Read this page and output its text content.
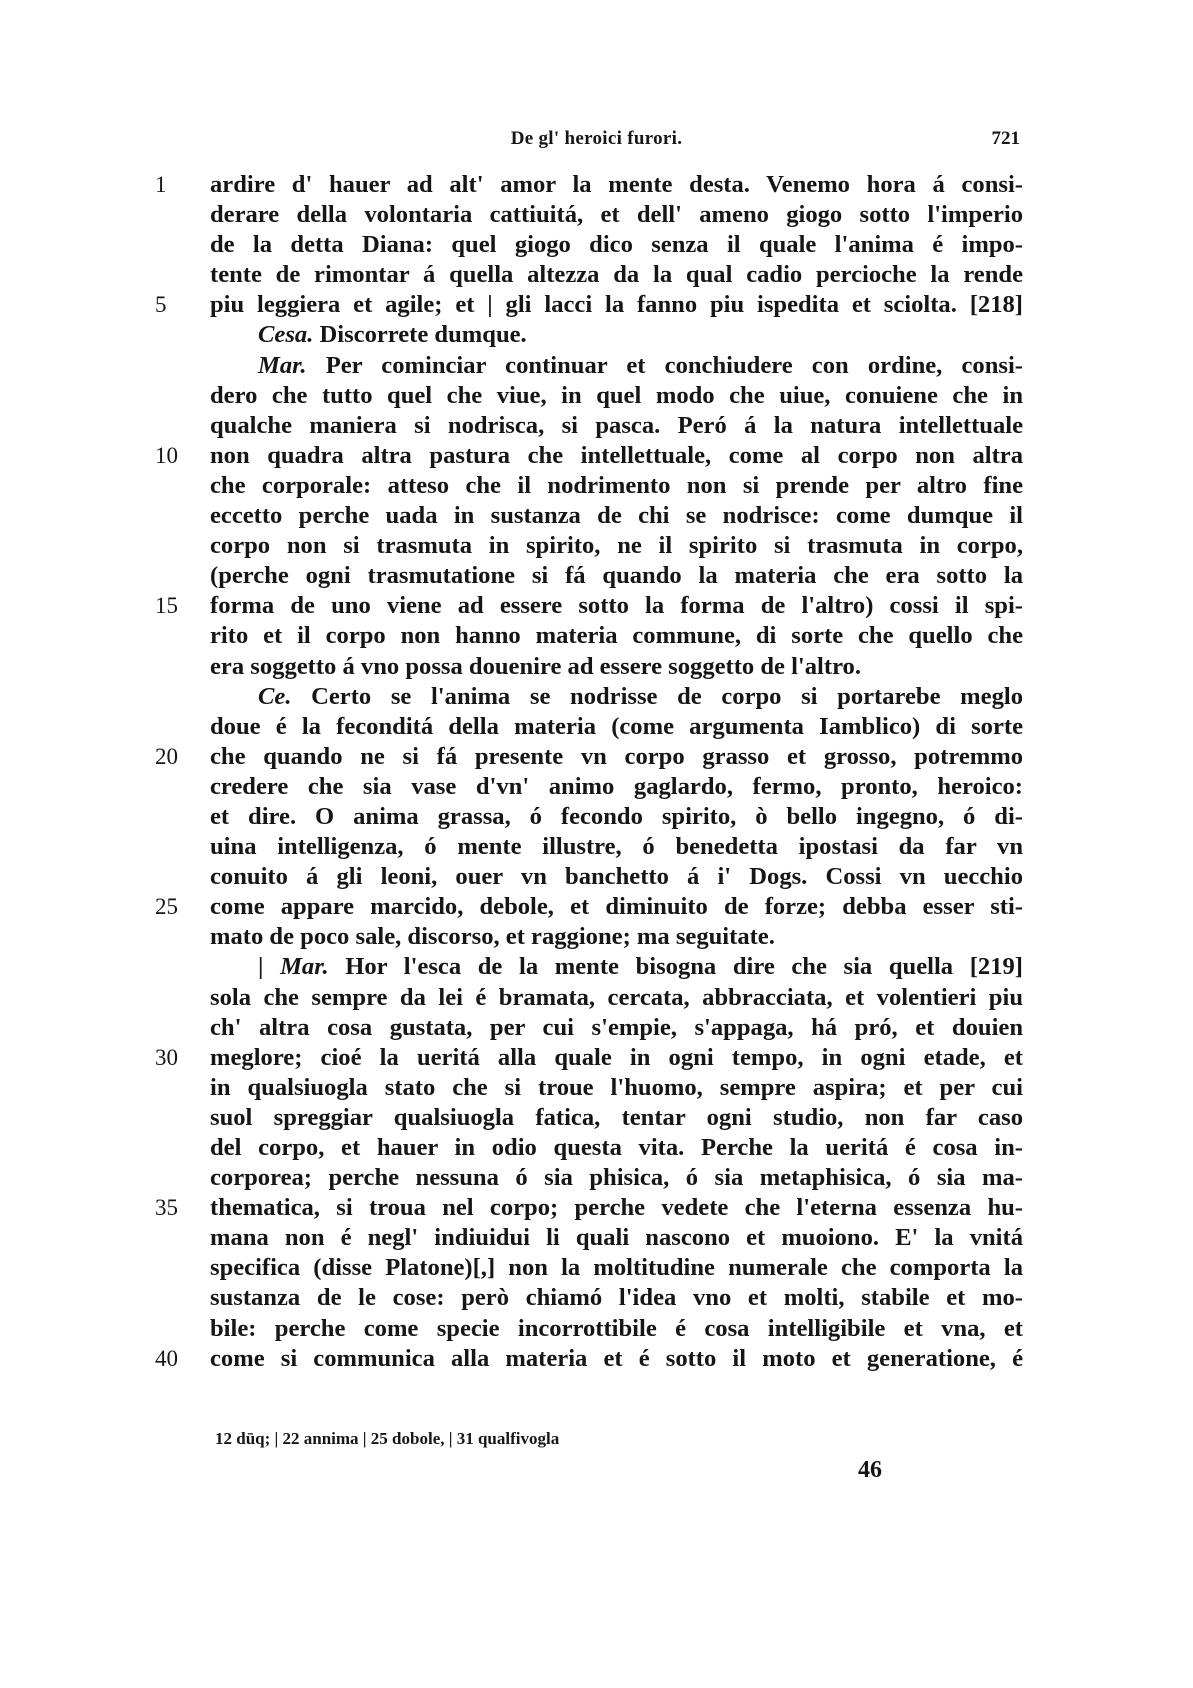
De gl' heroici furori.	721
1	ardire d' hauer ad alt' amor la mente desta. Venemo hora á consi-
derare della volontaria cattiuitá, et dell' ameno giogo sotto l'imperio
de la detta Diana: quel giogo dico senza il quale l'anima é impo-
tente de rimontar á quella altezza da la qual cadio percioche la rende
5	piu leggiera et agile; et | gli lacci la fanno piu ispedita et sciolta. [218]
Cesa. Discorrete dumque.
Mar. Per cominciar continuar et conchiudere con ordine, consi-
dero che tutto quel che viue, in quel modo che uiue, conuiene che in
qualche maniera si nodrisca, si pasca. Peró á la natura intellettuale
10 non quadra altra pastura che intellettuale, come al corpo non altra
che corporale: atteso che il nodrimento non si prende per altro fine
eccetto perche uada in sustanza de chi se nodrisce: come dumque il
corpo non si trasmuta in spirito, ne il spirito si trasmuta in corpo,
(perche ogni trasmutatione si fá quando la materia che era sotto la
15 forma de uno viene ad essere sotto la forma de l'altro) cossi il spi-
rito et il corpo non hanno materia commune, di sorte che quello che
era soggetto á vno possa douenire ad essere soggetto de l'altro.
Ce. Certo se l'anima se nodrisse de corpo si portarebe meglo
doue é la feconditá della materia (come argumenta Iamblico) di sorte
20 che quando ne si fá presente vn corpo grasso et grosso, potremmo
credere che sia vase d'vn' animo gaglardo, fermo, pronto, heroico:
et dire. O anima grassa, ó fecondo spirito, ò bello ingegno, ó di-
uina intelligenza, ó mente illustre, ó benedetta ipostasi da far vn
conuito á gli leoni, ouer vn banchetto á i' Dogs. Cossi vn uecchio
25 come appare marcido, debole, et diminuito de forze; debba esser sti-
mato de poco sale, discorso, et raggione; ma seguitate.
| Mar. Hor l'esca de la mente bisogna dire che sia quella [219]
sola che sempre da lei é bramata, cercata, abbracciata, et volentieri piu
ch' altra cosa gustata, per cui s'empie, s'appaga, há pró, et douien
30 meglore; cioé la ueritá alla quale in ogni tempo, in ogni etade, et
in qualsiuogla stato che si troue l'huomo, sempre aspira; et per cui
suol spreggiar qualsiuogla fatica, tentar ogni studio, non far caso
del corpo, et hauer in odio questa vita. Perche la ueritá é cosa in-
corporea; perche nessuna ó sia phisica, ó sia metaphisica, ó sia ma-
35 thematica, si troua nel corpo; perche vedete che l'eterna essenza hu-
mana non é negl' indiuidui li quali nascono et muoiono. E' la vnitá
specifica (disse Platone)[,] non la moltitudine numerale che comporta la
sustanza de le cose: però chiamó l'idea vno et molti, stabile et mo-
bile: perche come specie incorrottibile é cosa intelligibile et vna, et
40 come si communica alla materia et é sotto il moto et generatione, é
12 dūq; | 22 annima | 25 dobole, | 31 qualfivogla
46
